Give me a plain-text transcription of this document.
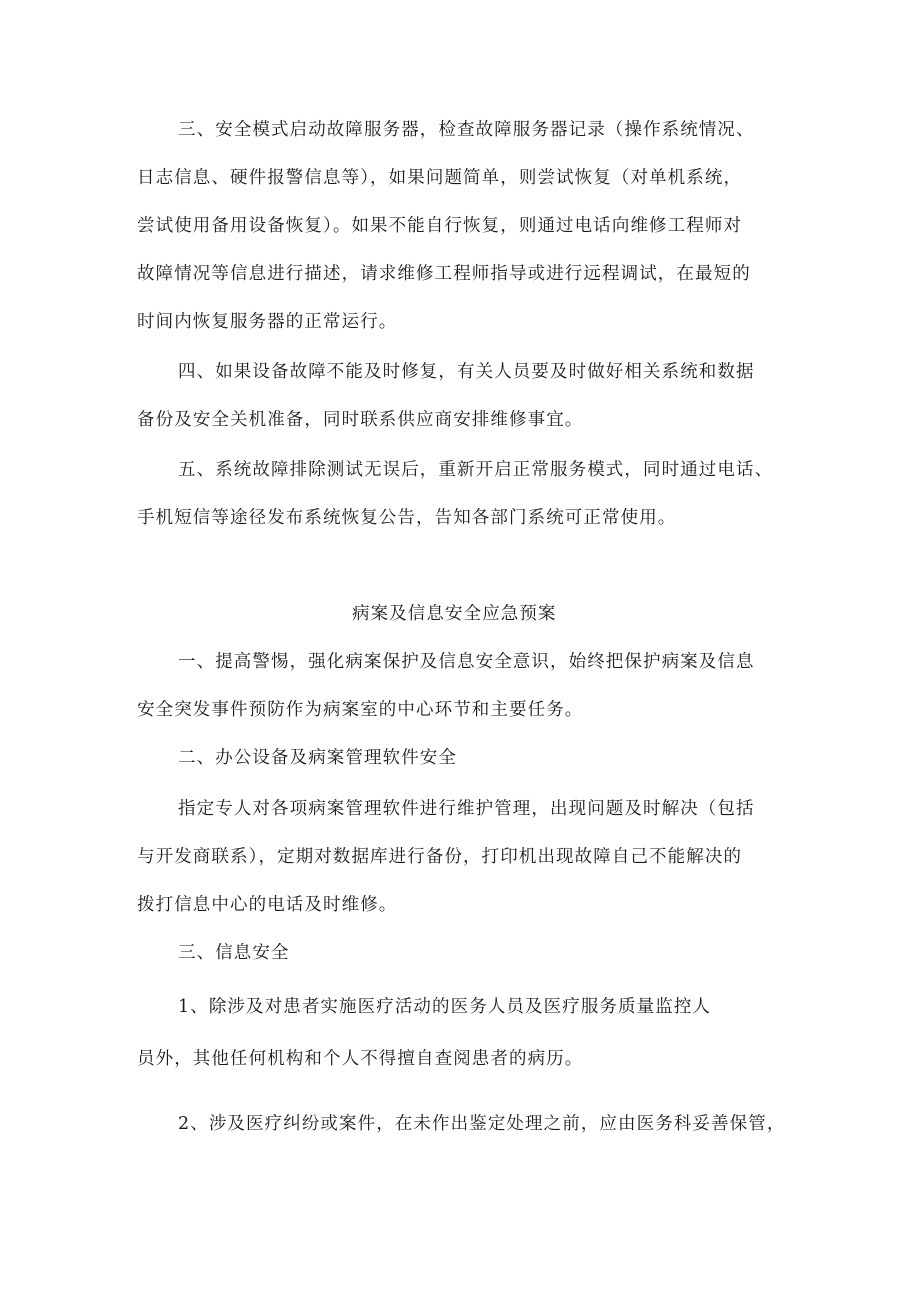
三、安全模式启动故障服务器，检查故障服务器记录（操作系统情况、
日志信息、硬件报警信息等），如果问题简单，则尝试恢复（对单机系统，
尝试使用备用设备恢复）。如果不能自行恢复，则通过电话向维修工程师对
故障情况等信息进行描述，请求维修工程师指导或进行远程调试，在最短的
时间内恢复服务器的正常运行。
四、如果设备故障不能及时修复，有关人员要及时做好相关系统和数据
备份及安全关机准备，同时联系供应商安排维修事宜。
五、系统故障排除测试无误后，重新开启正常服务模式，同时通过电话、
手机短信等途径发布系统恢复公告，告知各部门系统可正常使用。
病案及信息安全应急预案
一、提高警惕，强化病案保护及信息安全意识，始终把保护病案及信息
安全突发事件预防作为病案室的中心环节和主要任务。
二、办公设备及病案管理软件安全
指定专人对各项病案管理软件进行维护管理，出现问题及时解决（包括
与开发商联系），定期对数据库进行备份，打印机出现故障自己不能解决的
拨打信息中心的电话及时维修。
三、信息安全
1、除涉及对患者实施医疗活动的医务人员及医疗服务质量监控人
员外，其他任何机构和个人不得擅自查阅患者的病历。
2、涉及医疗纠纷或案件，在未作出鉴定处理之前，应由医务科妥善保管，
